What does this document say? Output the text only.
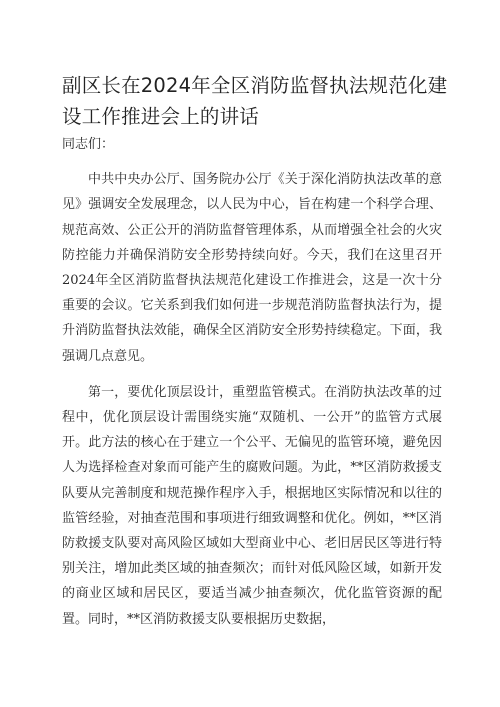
副区长在2024年全区消防监督执法规范化建设工作推进会上的讲话

同志们：

中共中央办公厅、国务院办公厅《关于深化消防执法改革的意见》强调安全发展理念，以人民为中心，旨在构建一个科学合理、规范高效、公正公开的消防监督管理体系，从而增强全社会的火灾防控能力并确保消防安全形势持续向好。今天，我们在这里召开2024年全区消防监督执法规范化建设工作推进会，这是一次十分重要的会议。它关系到我们如何进一步规范消防监督执法行为，提升消防监督执法效能，确保全区消防安全形势持续稳定。下面，我强调几点意见。

第一，要优化顶层设计，重塑监管模式。在消防执法改革的过程中，优化顶层设计需围绕实施“双随机、一公开”的监管方式展开。此方法的核心在于建立一个公平、无偏见的监管环境，避免因人为选择检查对象而可能产生的腐败问题。为此，**区消防救援支队要从完善制度和规范操作程序入手，根据地区实际情况和以往的监管经验，对抽查范围和事项进行细致调整和优化。例如，**区消防救援支队要对高风险区域如大型商业中心、老旧居民区等进行特别关注，增加此类区域的抽查频次；而针对低风险区域，如新开发的商业区域和居民区，要适当减少抽查频次，优化监管资源的配置。同时，**区消防救援支队要根据历史数据，
